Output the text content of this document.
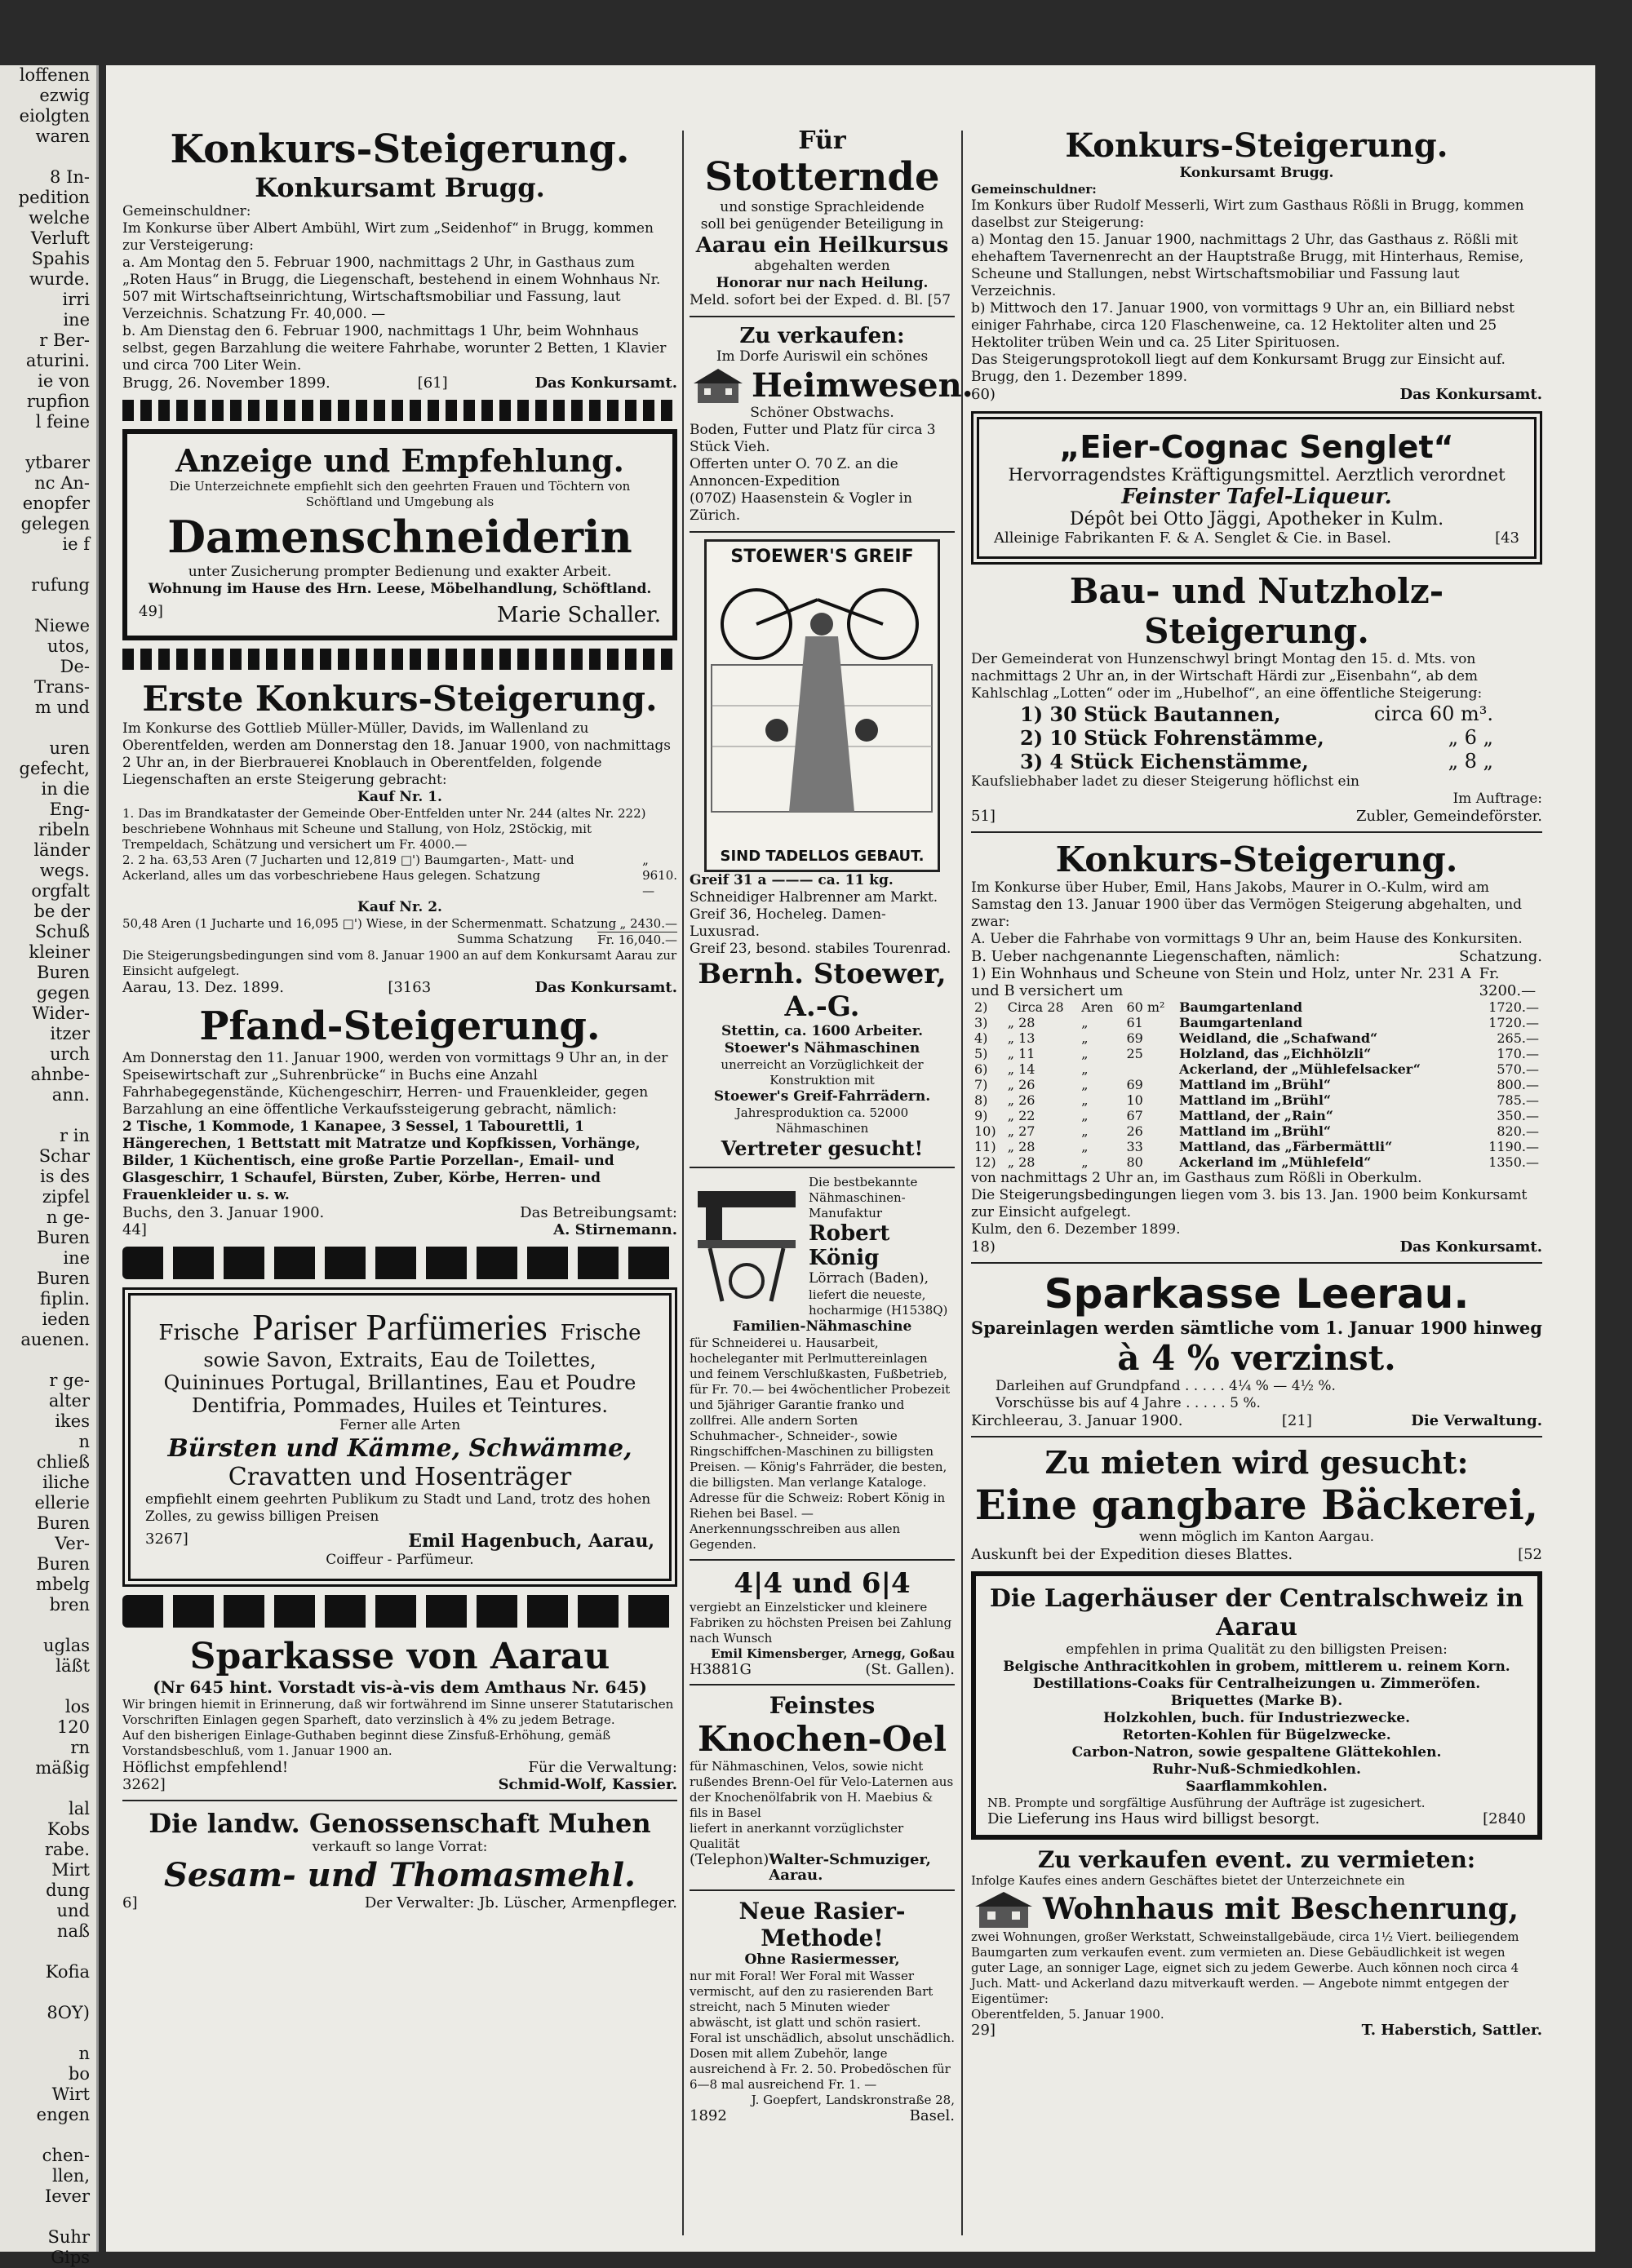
loffenen
ezwig
eiolgten
waren

8 In-
pedition
welche
Verluft
Spahis
wurde.
irri
ine
r Ber-
aturini.
ie von
rupfion
l feine

ytbarer
nc An-
enopfer
gelegen
ie f

rufung

Niewe
utos,
De-
Trans-
m und

uren
gefecht,
in die
Eng-
ribeln
länder
wegs.
orgfalt
be der
Schuß
kleiner
Buren
gegen
Wider-
itzer
urch
ahnbe-
ann.

r in
Schar
is des
zipfel
n ge-
Buren
ine
Buren
fiplin.
ieden
auenen.

r ge-
alter
ikes
n
chließ
iliche
ellerie
Buren
Ver-
Buren
mbelg
bren

uglas
läßt

los
120
rn
mäßig

lal
Kobs
rabe.
Mirt
dung
und
naß

Kofia

8OY)

n
bo
Wirt
engen

chen-
llen,
Iever

Suhr
Gips
Konkurs-Steigerung.
Konkursamt Brugg.
Gemeinschuldner:
Im Konkurse über Albert Ambühl, Wirt zum „Seidenhof“ in Brugg, kommen zur Versteigerung:
a. Am Montag den 5. Februar 1900, nachmittags 2 Uhr, in Gasthaus zum „Roten Haus“ in Brugg, die Liegenschaft, bestehend in einem Wohnhaus Nr. 507 mit Wirtschaftseinrichtung, Wirtschaftsmobiliar und Fassung, laut Verzeichnis. Schatzung Fr. 40,000. —
b. Am Dienstag den 6. Februar 1900, nachmittags 1 Uhr, beim Wohnhaus selbst, gegen Barzahlung die weitere Fahrhabe, worunter 2 Betten, 1 Klavier und circa 700 Liter Wein.
Brugg, 26. November 1899.	[61]	Das Konkursamt.
Anzeige und Empfehlung.
Die Unterzeichnete empfiehlt sich den geehrten Frauen und Töchtern von Schöftland und Umgebung als
Damenschneiderin
unter Zusicherung prompter Bedienung und exakter Arbeit.
Wohnung im Hause des Hrn. Leese, Möbelhandlung, Schöftland.
49]	Marie Schaller.
Erste Konkurs-Steigerung.
Im Konkurse des Gottlieb Müller-Müller, Davids, im Wallenland zu Oberentfelden, werden am Donnerstag den 18. Januar 1900, von nachmittags 2 Uhr an, in der Bierbrauerei Knoblauch in Oberentfelden, folgende Liegenschaften an erste Steigerung gebracht:
Kauf Nr. 1.
1. Das im Brandkataster der Gemeinde Ober-Entfelden unter Nr. 244 (altes Nr. 222) beschriebene Wohnhaus mit Scheune und Stallung, von Holz, 2Stöckig, mit Trempeldach, Schätzung und versichert um Fr. 4000.—
2. 2 ha. 63,53 Aren (7 Jucharten und 12,819 □') Baumgarten-, Matt- und Ackerland, alles um das vorbeschriebene Haus gelegen. Schatzung
„ 9610.—
Kauf Nr. 2.
50,48 Aren (1 Jucharte und 16,095 □') Wiese, in der Schermenmatt. Schatzung „ 2430.—
Summa Schatzung Fr. 16,040.—
Die Steigerungsbedingungen sind vom 8. Januar 1900 an auf dem Konkursamt Aarau zur Einsicht aufgelegt.
Aarau, 13. Dez. 1899.	[3163	Das Konkursamt.
Pfand-Steigerung.
Am Donnerstag den 11. Januar 1900, werden von vormittags 9 Uhr an, in der Speisewirtschaft zur „Suhrenbrücke“ in Buchs eine Anzahl Fahrhabegegenstände, Küchengeschirr, Herren- und Frauenkleider, gegen Barzahlung an eine öffentliche Verkaufssteigerung gebracht, nämlich:
2 Tische, 1 Kommode, 1 Kanapee, 3 Sessel, 1 Tabourettli, 1 Hängerechen, 1 Bettstatt mit Matratze und Kopfkissen, Vorhänge, Bilder, 1 Küchentisch, eine große Partie Porzellan-, Email- und Glasgeschirr, 1 Schaufel, Bürsten, Zuber, Körbe, Herren- und Frauenkleider u. s. w.
Buchs, den 3. Januar 1900.	Das Betreibungsamt:
44]	A. Stirnemann.
Frische Pariser Parfümeries Frische
sowie Savon, Extraits, Eau de Toilettes,
Quininues Portugal, Brillantines, Eau et Poudre
Dentifria, Pommades, Huiles et Teintures.
Ferner alle Arten
Bürsten und Kämme, Schwämme,
Cravatten und Hosenträger
empfiehlt einem geehrten Publikum zu Stadt und Land, trotz des hohen Zolles, zu gewiss billigen Preisen
3267]	Emil Hagenbuch, Aarau,
Coiffeur - Parfümeur.
Sparkasse von Aarau
(Nr 645 hint. Vorstadt vis-à-vis dem Amthaus Nr. 645)
Wir bringen hiemit in Erinnerung, daß wir fortwährend im Sinne unserer Statutarischen Vorschriften Einlagen gegen Sparheft, dato verzinslich à 4% zu jedem Betrage.
Auf den bisherigen Einlage-Guthaben beginnt diese Zinsfuß-Erhöhung, gemäß Vorstandsbeschluß, vom 1. Januar 1900 an.
Höflichst empfehlend!	Für die Verwaltung:
3262]	Schmid-Wolf, Kassier.
Die landw. Genossenschaft Muhen
verkauft so lange Vorrat:
Sesam- und Thomasmehl.
6]	Der Verwalter: Jb. Lüscher, Armenpfleger.
Für
Stotternde
und sonstige Sprachleidende
soll bei genügender Beteiligung in
Aarau ein Heilkursus
abgehalten werden
Honorar nur nach Heilung.
Meld. sofort bei der Exped. d. Bl. [57
Zu verkaufen:
Im Dorfe Auriswil ein schönes
Heimwesen.
Schöner Obstwachs.
Boden, Futter und Platz für circa 3 Stück Vieh.
Offerten unter O. 70 Z. an die Annoncen-Expedition
(070Z) Haasenstein & Vogler in Zürich.
STOEWER'S GREIF
SIND TADELLOS GEBAUT.
Greif 31 a ——— ca. 11 kg.
Schneidiger Halbrenner am Markt.
Greif 36, Hocheleg. Damen-Luxusrad.
Greif 23, besond. stabiles Tourenrad.
Bernh. Stoewer, A.-G.
Stettin, ca. 1600 Arbeiter.
Stoewer's Nähmaschinen
unerreicht an Vorzüglichkeit der Konstruktion mit
Stoewer's Greif-Fahrrädern.
Jahresproduktion ca. 52000 Nähmaschinen
Vertreter gesucht!
Die bestbekannte Nähmaschinen-Manufaktur
Robert König
Lörrach (Baden),
liefert die neueste, hocharmige (H1538Q)
Familien-Nähmaschine
für Schneiderei u. Hausarbeit, hocheleganter mit Perlmuttereinlagen und feinem Verschlußkasten, Fußbetrieb, für Fr. 70.— bei 4wöchentlicher Probezeit und 5jähriger Garantie franko und zollfrei. Alle andern Sorten Schuhmacher-, Schneider-, sowie Ringschiffchen-Maschinen zu billigsten Preisen. — König's Fahrräder, die besten, die billigsten. Man verlange Kataloge. Adresse für die Schweiz: Robert König in Riehen bei Basel. — Anerkennungsschreiben aus allen Gegenden.
4|4 und 6|4
vergiebt an Einzelsticker und kleinere Fabriken zu höchsten Preisen bei Zahlung nach Wunsch
Emil Kimensberger, Arnegg, Goßau
H3881G	(St. Gallen).
Feinstes
Knochen-Oel
für Nähmaschinen, Velos, sowie nicht rußendes Brenn-Oel für Velo-Laternen aus der Knochenölfabrik von H. Maebius & fils in Basel
liefert in anerkannt vorzüglichster Qualität
(Telephon) Walter-Schmuziger, Aarau.
Neue Rasier-Methode!
Ohne Rasiermesser,
nur mit Foral! Wer Foral mit Wasser vermischt, auf den zu rasierenden Bart streicht, nach 5 Minuten wieder abwäscht, ist glatt und schön rasiert. Foral ist unschädlich, absolut unschädlich. Dosen mit allem Zubehör, lange ausreichend à Fr. 2. 50. Probedöschen für 6—8 mal ausreichend Fr. 1. —
J. Goepfert, Landskronstraße 28,
1892	Basel.
Konkurs-Steigerung.
Konkursamt Brugg.
Gemeinschuldner:
Im Konkurs über Rudolf Messerli, Wirt zum Gasthaus Rößli in Brugg, kommen daselbst zur Steigerung:
a) Montag den 15. Januar 1900, nachmittags 2 Uhr, das Gasthaus z. Rößli mit ehehaftem Tavernenrecht an der Hauptstraße Brugg, mit Hinterhaus, Remise, Scheune und Stallungen, nebst Wirtschaftsmobiliar und Fassung laut Verzeichnis.
b) Mittwoch den 17. Januar 1900, von vormittags 9 Uhr an, ein Billiard nebst einiger Fahrhabe, circa 120 Flaschenweine, ca. 12 Hektoliter alten und 25 Hektoliter trüben Wein und ca. 25 Liter Spirituosen.
Das Steigerungsprotokoll liegt auf dem Konkursamt Brugg zur Einsicht auf.
Brugg, den 1. Dezember 1899.
60)	Das Konkursamt.
„Eier-Cognac Senglet“
Hervorragendstes Kräftigungsmittel. Aerztlich verordnet
Feinster Tafel-Liqueur.
Dépôt bei Otto Jäggi, Apotheker in Kulm.
Alleinige Fabrikanten F. & A. Senglet & Cie. in Basel.	[43
Bau- und Nutzholz-Steigerung.
Der Gemeinderat von Hunzenschwyl bringt Montag den 15. d. Mts. von nachmittags 2 Uhr an, in der Wirtschaft Härdi zur „Eisenbahn“, ab dem Kahlschlag „Lotten“ oder im „Hubelhof“, an eine öffentliche Steigerung:
1) 30 Stück Bautannen,	circa 60 m³.
2) 10 Stück Fohrenstämme,	„ 6 „
3) 4 Stück Eichenstämme,	„ 8 „
Kaufsliebhaber ladet zu dieser Steigerung höflichst ein
Im Auftrage:
51]	Zubler, Gemeindeförster.
Konkurs-Steigerung.
Im Konkurse über Huber, Emil, Hans Jakobs, Maurer in O.-Kulm, wird am Samstag den 13. Januar 1900 über das Vermögen Steigerung abgehalten, und zwar:
A. Ueber die Fahrhabe von vormittags 9 Uhr an, beim Hause des Konkursiten.
B. Ueber nachgenannte Liegenschaften, nämlich:	Schatzung.
1) Ein Wohnhaus und Scheune von Stein und Holz, unter Nr. 231 A und B versichert um
Fr. 3200.—
2)	Circa 28	Aren	60 m²	Baumgartenland		1720.—
3)	„ 28	„	61	Baumgartenland		1720.—
4)	„ 13	„	69	Weidland, die „Schafwand“		265.—
5)	„ 11	„	25	Holzland, das „Eichhölzli“		170.—
6)	„ 14	„		Ackerland, der „Mühlefelsacker“		570.—
7)	„ 26	„	69	Mattland im „Brühl“		800.—
8)	„ 26	„	10	Mattland im „Brühl“		785.—
9)	„ 22	„	67	Mattland, der „Rain“		350.—
10)	„ 27	„	26	Mattland im „Brühl“		820.—
11)	„ 28	„	33	Mattland, das „Färbermättli“		1190.—
12)	„ 28	„	80	Ackerland im „Mühlefeld“		1350.—
von nachmittags 2 Uhr an, im Gasthaus zum Rößli in Oberkulm.
Die Steigerungsbedingungen liegen vom 3. bis 13. Jan. 1900 beim Konkursamt zur Einsicht aufgelegt.
Kulm, den 6. Dezember 1899.
18)	Das Konkursamt.
Sparkasse Leerau.
Spareinlagen werden sämtliche vom 1. Januar 1900 hinweg
à 4 % verzinst.
Darleihen auf Grundpfand . . . . . 4¼ % — 4½ %.
Vorschüsse bis auf 4 Jahre . . . . . 5 %.
Kirchleerau, 3. Januar 1900.	[21]	Die Verwaltung.
Zu mieten wird gesucht:
Eine gangbare Bäckerei,
wenn möglich im Kanton Aargau.
Auskunft bei der Expedition dieses Blattes.	[52
Die Lagerhäuser der Centralschweiz in Aarau
empfehlen in prima Qualität zu den billigsten Preisen:
Belgische Anthracitkohlen in grobem, mittlerem u. reinem Korn.
Destillations-Coaks für Centralheizungen u. Zimmeröfen.
Briquettes (Marke B).
Holzkohlen, buch. für Industriezwecke.
Retorten-Kohlen für Bügelzwecke.
Carbon-Natron, sowie gespaltene Glättekohlen.
Ruhr-Nuß-Schmiedkohlen.
Saarflammkohlen.
NB. Prompte und sorgfältige Ausführung der Aufträge ist zugesichert.
Die Lieferung ins Haus wird billigst besorgt.	[2840
Zu verkaufen event. zu vermieten:
Infolge Kaufes eines andern Geschäftes bietet der Unterzeichnete ein
Wohnhaus mit Beschenrung,
zwei Wohnungen, großer Werkstatt, Schweinstallgebäude, circa 1½ Viert. beiliegendem Baumgarten zum verkaufen event. zum vermieten an. Diese Gebäudlichkeit ist wegen guter Lage, an sonniger Lage, eignet sich zu jedem Gewerbe. Auch können noch circa 4 Juch. Matt- und Ackerland dazu mitverkauft werden. — Angebote nimmt entgegen der Eigentümer:
Oberentfelden, 5. Januar 1900.
29]	T. Haberstich, Sattler.
